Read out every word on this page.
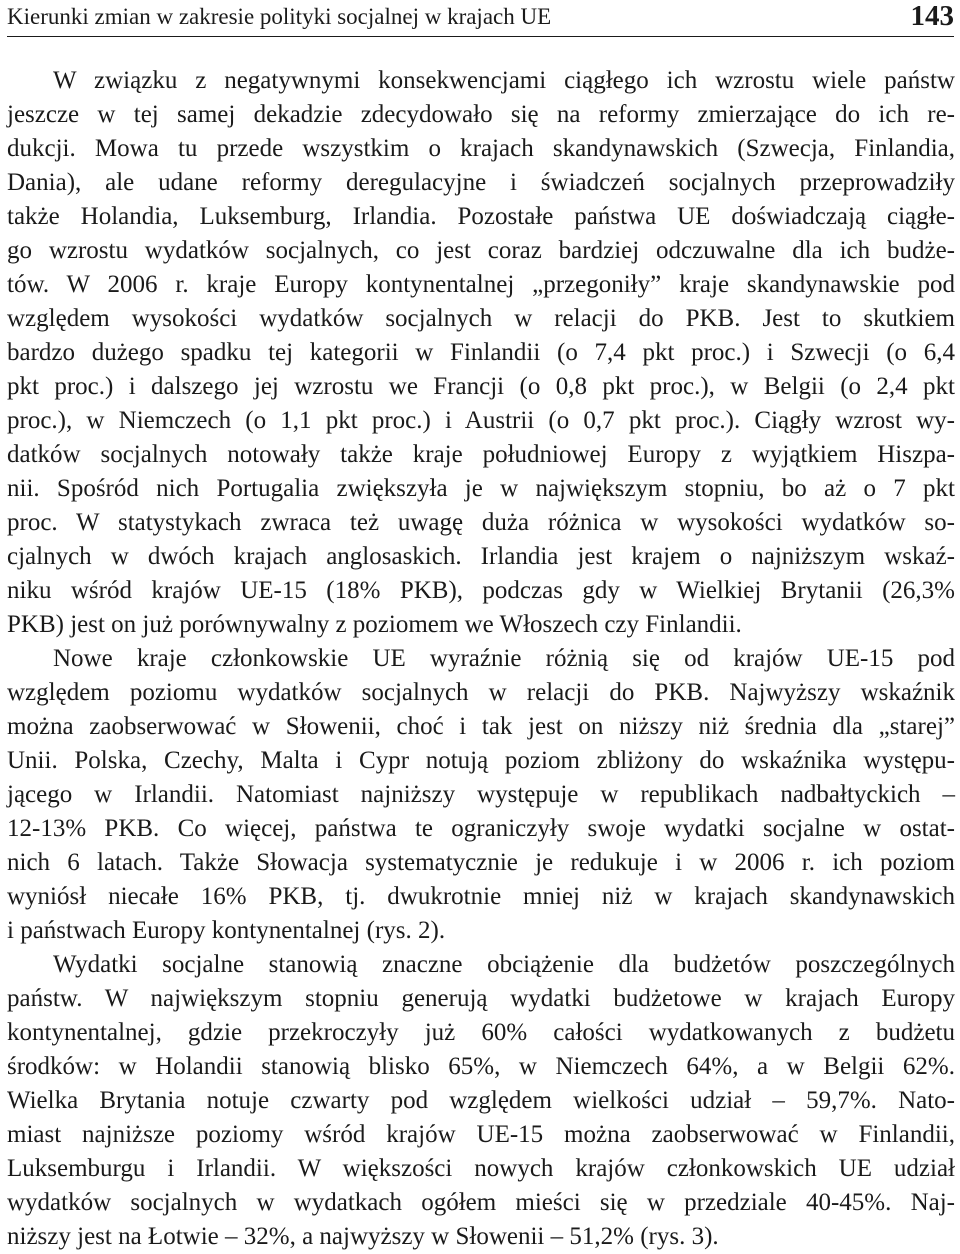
Kierunki zmian w zakresie polityki socjalnej w krajach UE	143
W związku z negatywnymi konsekwencjami ciągłego ich wzrostu wiele państw
jeszcze w tej samej dekadzie zdecydowało się na reformy zmierzające do ich re-
dukcji. Mowa tu przede wszystkim o krajach skandynawskich (Szwecja, Finlandia,
Dania), ale udane reformy deregulacyjne i świadczeń socjalnych przeprowadziły
także Holandia, Luksemburg, Irlandia. Pozostałe państwa UE doświadczają ciągłe-
go wzrostu wydatków socjalnych, co jest coraz bardziej odczuwalne dla ich budże-
tów. W 2006 r. kraje Europy kontynentalnej „przegoniły” kraje skandynawskie pod
względem wysokości wydatków socjalnych w relacji do PKB. Jest to skutkiem
bardzo dużego spadku tej kategorii w Finlandii (o 7,4 pkt proc.) i Szwecji (o 6,4
pkt proc.) i dalszego jej wzrostu we Francji (o 0,8 pkt proc.), w Belgii (o 2,4 pkt
proc.), w Niemczech (o 1,1 pkt proc.) i Austrii (o 0,7 pkt proc.). Ciągły wzrost wy-
datków socjalnych notowały także kraje południowej Europy z wyjątkiem Hiszpa-
nii. Spośród nich Portugalia zwiększyła je w największym stopniu, bo aż o 7 pkt
proc. W statystykach zwraca też uwagę duża różnica w wysokości wydatków so-
cjalnych w dwóch krajach anglosaskich. Irlandia jest krajem o najniższym wskaź-
niku wśród krajów UE-15 (18% PKB), podczas gdy w Wielkiej Brytanii (26,3%
PKB) jest on już porównywalny z poziomem we Włoszech czy Finlandii.
Nowe kraje członkowskie UE wyraźnie różnią się od krajów UE-15 pod
względem poziomu wydatków socjalnych w relacji do PKB. Najwyższy wskaźnik
można zaobserwować w Słowenii, choć i tak jest on niższy niż średnia dla „starej”
Unii. Polska, Czechy, Malta i Cypr notują poziom zbliżony do wskaźnika występu-
jącego w Irlandii. Natomiast najniższy występuje w republikach nadbałtyckich –
12-13% PKB. Co więcej, państwa te ograniczyły swoje wydatki socjalne w ostat-
nich 6 latach. Także Słowacja systematycznie je redukuje i w 2006 r. ich poziom
wyniósł niecałe 16% PKB, tj. dwukrotnie mniej niż w krajach skandynawskich
i państwach Europy kontynentalnej (rys. 2).
Wydatki socjalne stanowią znaczne obciążenie dla budżetów poszczególnych
państw. W największym stopniu generują wydatki budżetowe w krajach Europy
kontynentalnej, gdzie przekroczyły już 60% całości wydatkowanych z budżetu
środków: w Holandii stanowią blisko 65%, w Niemczech 64%, a w Belgii 62%.
Wielka Brytania notuje czwarty pod względem wielkości udział – 59,7%. Nato-
miast najniższe poziomy wśród krajów UE-15 można zaobserwować w Finlandii,
Luksemburgu i Irlandii. W większości nowych krajów członkowskich UE udział
wydatków socjalnych w wydatkach ogółem mieści się w przedziale 40-45%. Naj-
niższy jest na Łotwie – 32%, a najwyższy w Słowenii – 51,2% (rys. 3).
